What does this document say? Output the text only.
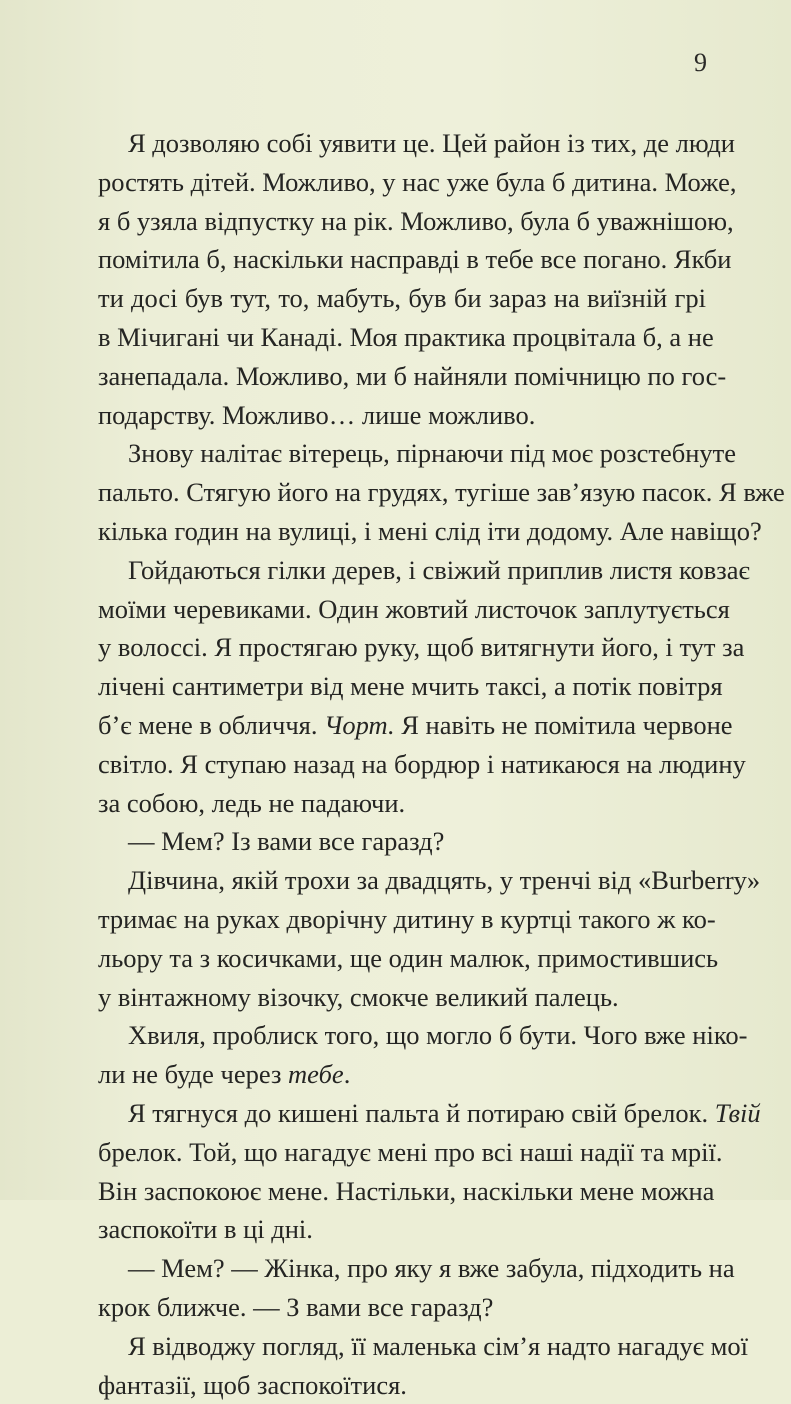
9
Я дозволяю собі уявити це. Цей район із тих, де люди
ростять дітей. Можливо, у нас уже була б дитина. Може,
я б узяла відпустку на рік. Можливо, була б уважнішою,
помітила б, наскільки насправді в тебе все погано. Якби
ти досі був тут, то, мабуть, був би зараз на виїзній грі
в Мічигані чи Канаді. Моя практика процвітала б, а не
занепадала. Можливо, ми б найняли помічницю по гос-
подарству. Можливо… лише можливо.
Знову налітає вітерець, пірнаючи під моє розстебнуте
пальто. Стягую його на грудях, тугіше зав’язую пасок. Я вже
кілька годин на вулиці, і мені слід іти додому. Але навіщо?
Гойдаються гілки дерев, і свіжий приплив листя ковзає
моїми черевиками. Один жовтий листочок заплутується
у волоссі. Я простягаю руку, щоб витягнути його, і тут за
лічені сантиметри від мене мчить таксі, а потік повітря
б’є мене в обличчя. Чорт. Я навіть не помітила червоне
світло. Я ступаю назад на бордюр і натикаюся на людину
за собою, ледь не падаючи.
— Мем? Із вами все гаразд?
Дівчина, якій трохи за двадцять, у тренчі від «Burberry»
тримає на руках дворічну дитину в куртці такого ж ко-
льору та з косичками, ще один малюк, примостившись
у вінтажному візочку, смокче великий палець.
Хвиля, проблиск того, що могло б бути. Чого вже ніко-
ли не буде через тебе.
Я тягнуся до кишені пальта й потираю свій брелок. Твій
брелок. Той, що нагадує мені про всі наші надії та мрії.
Він заспокоює мене. Настільки, наскільки мене можна
заспокоїти в ці дні.
— Мем? — Жінка, про яку я вже забула, підходить на
крок ближче. — З вами все гаразд?
Я відводжу погляд, її маленька сім’я надто нагадує мої
фантазії, щоб заспокоїтися.
